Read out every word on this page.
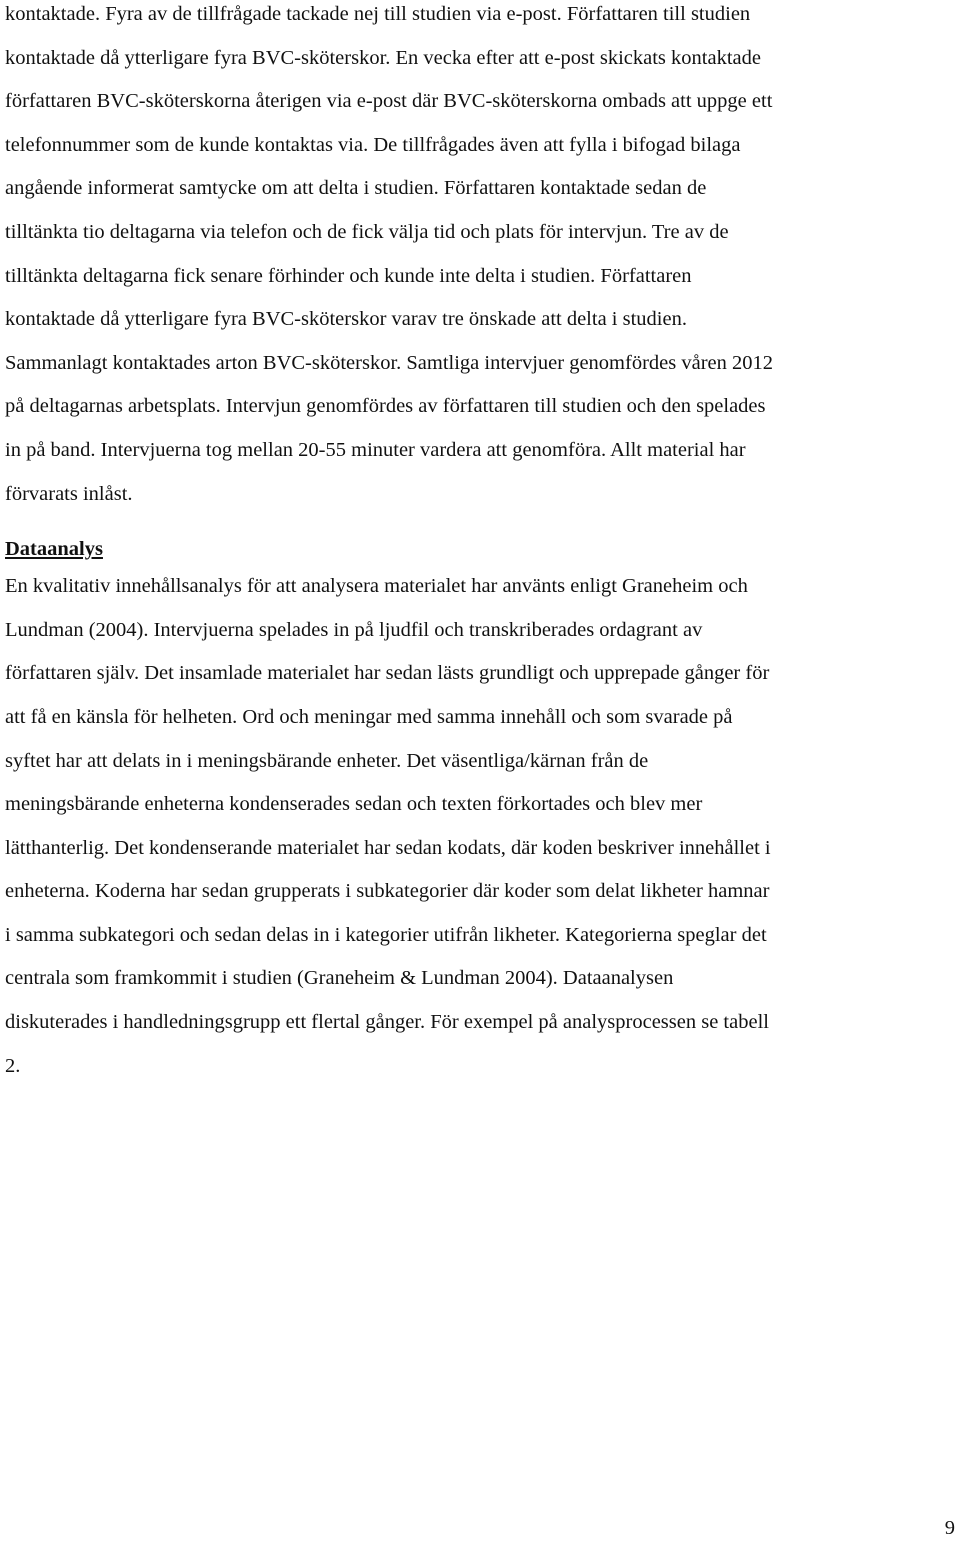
kontaktade. Fyra av de tillfrågade tackade nej till studien via e-post. Författaren till studien
kontaktade då ytterligare fyra BVC-sköterskor. En vecka efter att e-post skickats kontaktade
författaren BVC-sköterskorna återigen via e-post där BVC-sköterskorna ombads att uppge ett
telefonnummer som de kunde kontaktas via. De tillfrågades även att fylla i bifogad bilaga
angående informerat samtycke om att delta i studien. Författaren kontaktade sedan de
tilltänkta tio deltagarna via telefon och de fick välja tid och plats för intervjun. Tre av de
tilltänkta deltagarna fick senare förhinder och kunde inte delta i studien. Författaren
kontaktade då ytterligare fyra BVC-sköterskor varav tre önskade att delta i studien.
Sammanlagt kontaktades arton BVC-sköterskor. Samtliga intervjuer genomfördes våren 2012
på deltagarnas arbetsplats. Intervjun genomfördes av författaren till studien och den spelades
in på band. Intervjuerna tog mellan 20-55 minuter vardera att genomföra. Allt material har
förvarats inlåst.

Dataanalys

En kvalitativ innehållsanalys för att analysera materialet har använts enligt Graneheim och
Lundman (2004). Intervjuerna spelades in på ljudfil och transkriberades ordagrant av
författaren själv. Det insamlade materialet har sedan lästs grundligt och upprepade gånger för
att få en känsla för helheten. Ord och meningar med samma innehåll och som svarade på
syftet har att delats in i meningsbärande enheter. Det väsentliga/kärnan från de
meningsbärande enheterna kondenserades sedan och texten förkortades och blev mer
lätthanterlig. Det kondenserande materialet har sedan kodats, där koden beskriver innehållet i
enheterna. Koderna har sedan grupperats i subkategorier där koder som delat likheter hamnar
i samma subkategori och sedan delas in i kategorier utifrån likheter. Kategorierna speglar det
centrala som framkommit i studien (Graneheim & Lundman 2004). Dataanalysen
diskuterades i handledningsgrupp ett flertal gånger. För exempel på analysprocessen se tabell
2.

9
